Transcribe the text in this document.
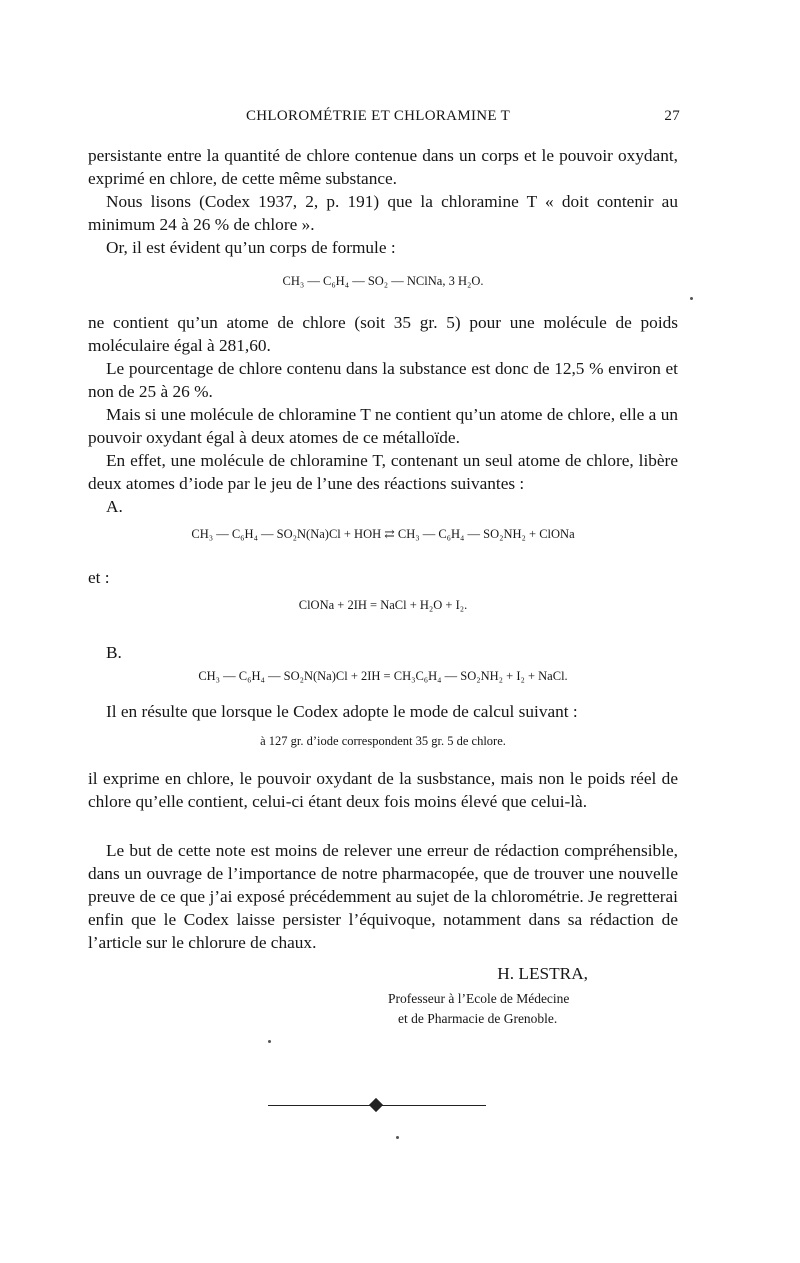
CHLOROMÉTRIE ET CHLORAMINE T	27

persistante entre la quantité de chlore contenue dans un corps et le pouvoir oxydant, exprimé en chlore, de cette même substance.

Nous lisons (Codex 1937, 2, p. 191) que la chloramine T « doit contenir au minimum 24 à 26 % de chlore ».

Or, il est évident qu’un corps de formule :

CH₃ — C₆H₄ — SO₂ — NClNa, 3 H₂O.

ne contient qu’un atome de chlore (soit 35 gr. 5) pour une molécule de poids moléculaire égal à 281,60.

Le pourcentage de chlore contenu dans la substance est donc de 12,5 % environ et non de 25 à 26 %.

Mais si une molécule de chloramine T ne contient qu’un atome de chlore, elle a un pouvoir oxydant égal à deux atomes de ce métalloïde.

En effet, une molécule de chloramine T, contenant un seul atome de chlore, libère deux atomes d’iode par le jeu de l’une des réactions suivantes :

A.

CH₃ — C₆H₄ — SO₂N(Na)Cl + HOH ⇄ CH₃ — C₆H₄ — SO₂NH₂ + ClONa

et :

ClONa + 2IH = NaCl + H₂O + I₂.

B.

CH₃ — C₆H₄ — SO₂N(Na)Cl + 2IH = CH₃C₆H₄ — SO₂NH₂ + I₂ + NaCl.

Il en résulte que lorsque le Codex adopte le mode de calcul suivant :

à 127 gr. d’iode correspondent 35 gr. 5 de chlore.

il exprime en chlore, le pouvoir oxydant de la susbstance, mais non le poids réel de chlore qu’elle contient, celui-ci étant deux fois moins élevé que celui-là.

Le but de cette note est moins de relever une erreur de rédaction compréhensible, dans un ouvrage de l’importance de notre pharmacopée, que de trouver une nouvelle preuve de ce que j’ai exposé précédemment au sujet de la chlorométrie. Je regretterai enfin que le Codex laisse persister l’équivoque, notamment dans sa rédaction de l’article sur le chlorure de chaux.

H. LESTRA,

Professeur à l’Ecole de Médecine

et de Pharmacie de Grenoble.
